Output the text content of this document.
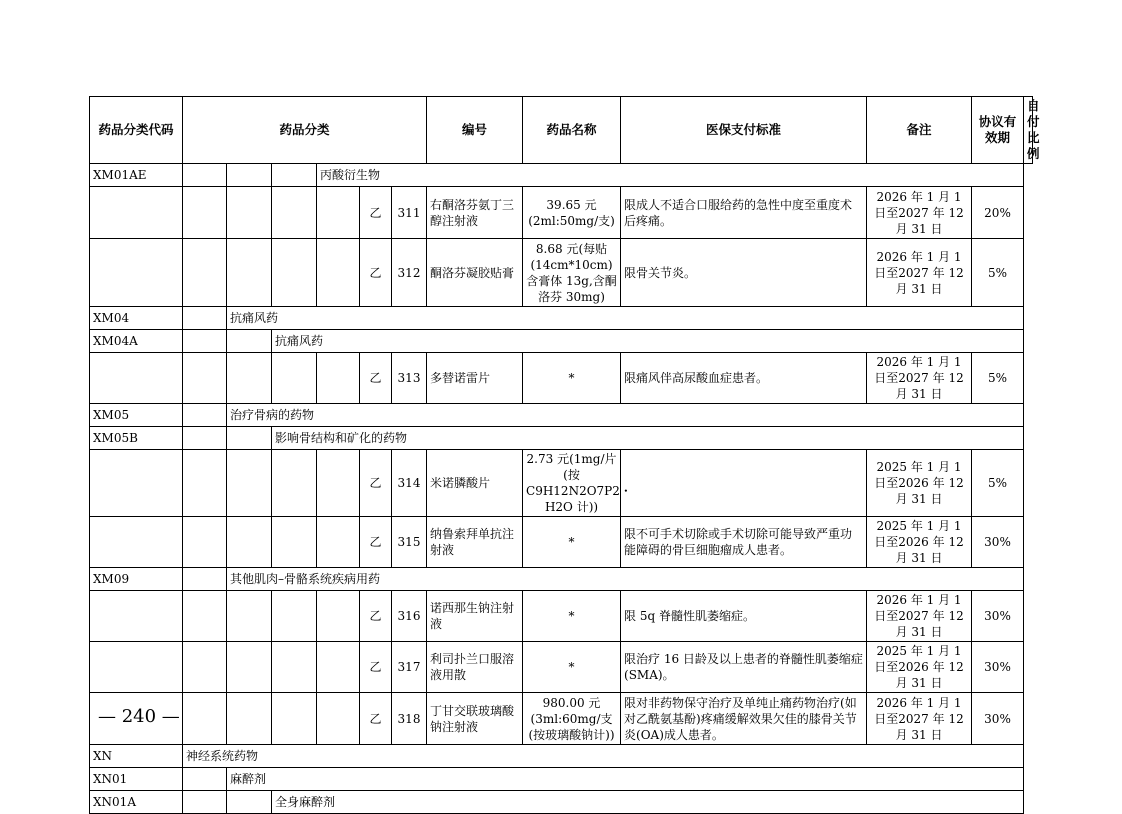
药品分类代码	药品分类						编号	药品名称	医保支付标准	备注	协议有效期	自付比例
XM01AE				丙酸衍生物								
					乙	311	右酮洛芬氨丁三醇注射液	39.65 元(2ml:50mg/支)	限成人不适合口服给药的急性中度至重度术后疼痛。	2026 年 1 月 1 日至2027 年 12 月 31 日	20%	
					乙	312	酮洛芬凝胶贴膏	8.68 元(每贴(14cm*10cm)含膏体 13g,含酮洛芬 30mg)	限骨关节炎。	2026 年 1 月 1 日至2027 年 12 月 31 日	5%	
XM04		抗痛风药										
XM04A			抗痛风药									
					乙	313	多替诺雷片	*	限痛风伴高尿酸血症患者。	2026 年 1 月 1 日至2027 年 12 月 31 日	5%	
XM05		治疗骨病的药物										
XM05B			影响骨结构和矿化的药物									
					乙	314	米诺膦酸片	2.73 元(1mg/片(按 C9H12N2O7P2・H2O 计))		2025 年 1 月 1 日至2026 年 12 月 31 日	5%	
					乙	315	纳鲁索拜单抗注射液	*	限不可手术切除或手术切除可能导致严重功能障碍的骨巨细胞瘤成人患者。	2025 年 1 月 1 日至2026 年 12 月 31 日	30%	
XM09		其他肌肉–骨骼系统疾病用药										
					乙	316	诺西那生钠注射液	*	限 5q 脊髓性肌萎缩症。	2026 年 1 月 1 日至2027 年 12 月 31 日	30%	
					乙	317	利司扑兰口服溶液用散	*	限治疗 16 日龄及以上患者的脊髓性肌萎缩症(SMA)。	2025 年 1 月 1 日至2026 年 12 月 31 日	30%	
					乙	318	丁甘交联玻璃酸钠注射液	980.00 元(3ml:60mg/支(按玻璃酸钠计))	限对非药物保守治疗及单纯止痛药物治疗(如对乙酰氨基酚)疼痛缓解效果欠佳的膝骨关节炎(OA)成人患者。	2026 年 1 月 1 日至2027 年 12 月 31 日	30%	
XN	神经系统药物											
XN01		麻醉剂										
XN01A			全身麻醉剂									
— 240 —
